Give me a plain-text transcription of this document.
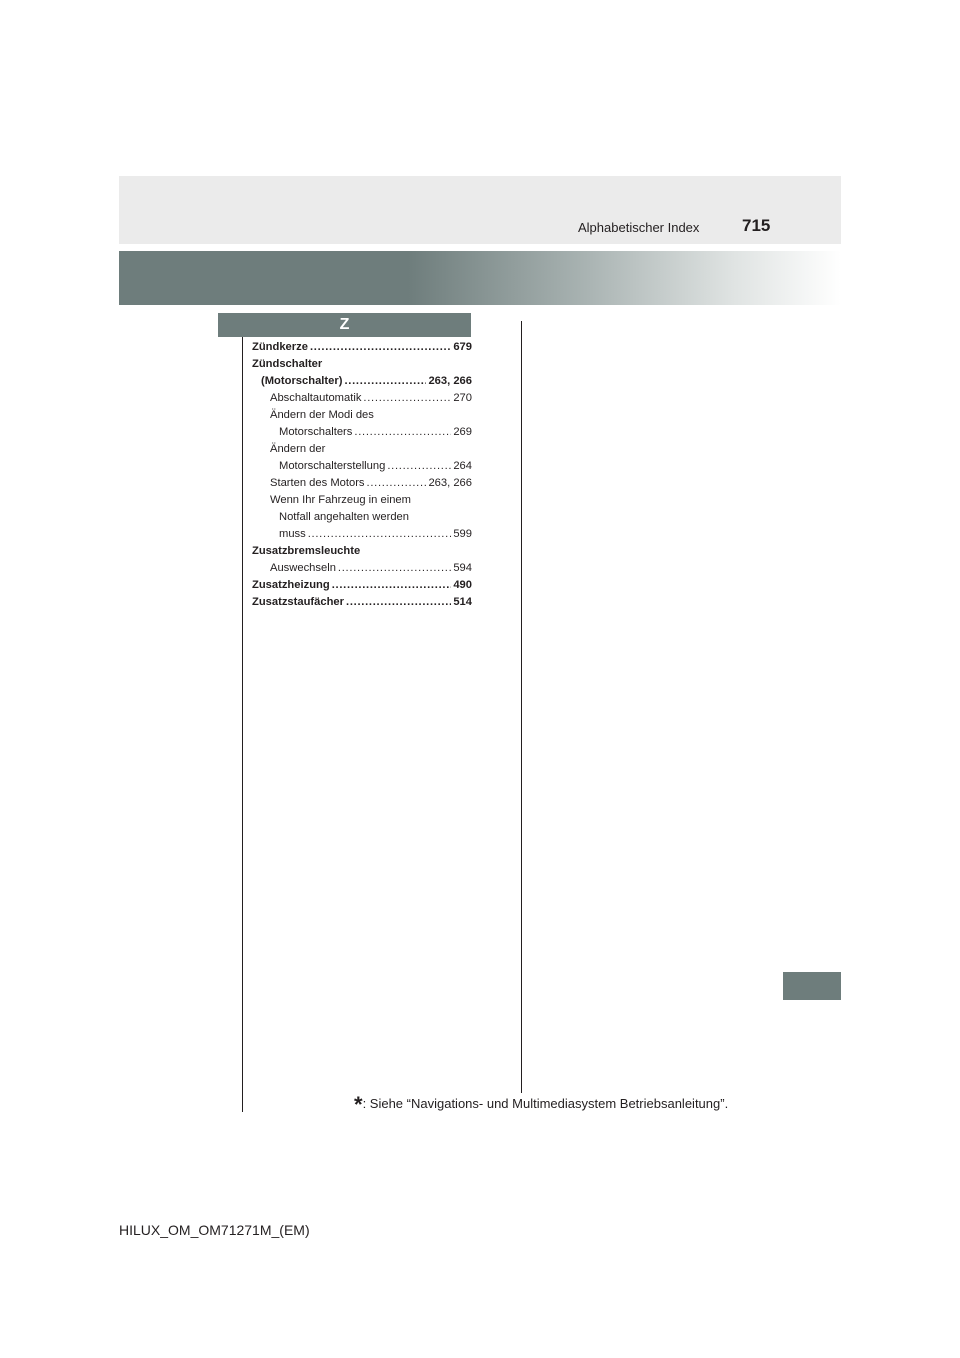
Alphabetischer Index	715
Z
Zündkerze . . .	679
Zündschalter
(Motorschalter) . . .	263, 266
Abschaltautomatik . . .	270
Ändern der Modi des
Motorschalters . . .	269
Ändern der
Motorschalterstellung . . .	264
Starten des Motors . . .	263, 266
Wenn Ihr Fahrzeug in einem
Notfall angehalten werden
muss . . .	599
Zusatzbremsleuchte
Auswechseln . . .	594
Zusatzheizung . . .	490
Zusatzstaufächer . . .	514
*: Siehe “Navigations- und Multimediasystem Betriebsanleitung”.
HILUX_OM_OM71271M_(EM)
